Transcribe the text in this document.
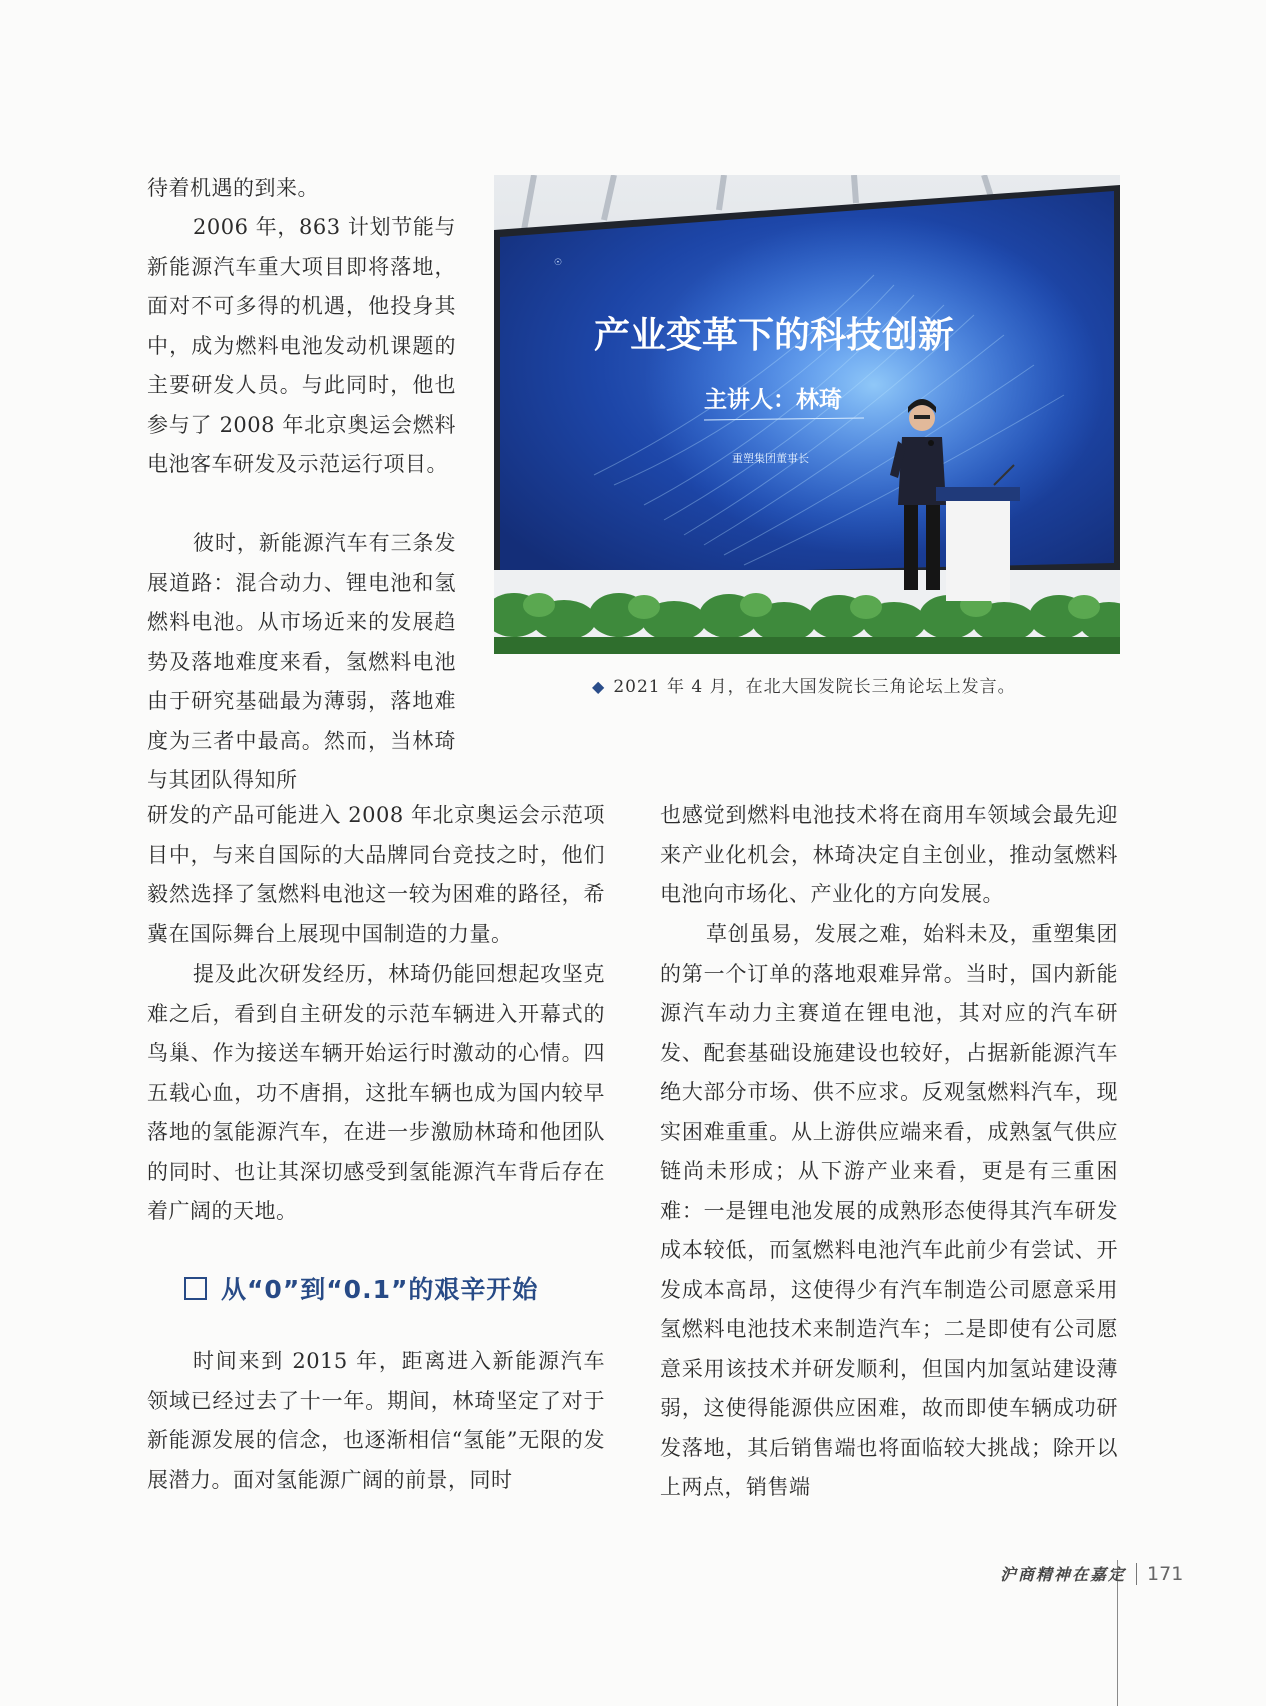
待着机遇的到来。

2006 年，863 计划节能与新能源汽车重大项目即将落地，面对不可多得的机遇，他投身其中，成为燃料电池发动机课题的主要研发人员。与此同时，他也参与了 2008 年北京奥运会燃料电池客车研发及示范运行项目。

彼时，新能源汽车有三条发展道路：混合动力、锂电池和氢燃料电池。从市场近来的发展趋势及落地难度来看，氢燃料电池由于研究基础最为薄弱，落地难度为三者中最高。然而，当林琦与其团队得知所

研发的产品可能进入 2008 年北京奥运会示范项目中，与来自国际的大品牌同台竞技之时，他们毅然选择了氢燃料电池这一较为困难的路径，希冀在国际舞台上展现中国制造的力量。

提及此次研发经历，林琦仍能回想起攻坚克难之后，看到自主研发的示范车辆进入开幕式的鸟巢、作为接送车辆开始运行时激动的心情。四五载心血，功不唐捐，这批车辆也成为国内较早落地的氢能源汽车，在进一步激励林琦和他团队的同时、也让其深切感受到氢能源汽车背后存在着广阔的天地。

从“0”到“0.1”的艰辛开始

时间来到 2015 年，距离进入新能源汽车领域已经过去了十一年。期间，林琦坚定了对于新能源发展的信念，也逐渐相信“氢能”无限的发展潜力。面对氢能源广阔的前景，同时

也感觉到燃料电池技术将在商用车领域会最先迎来产业化机会，林琦决定自主创业，推动氢燃料电池向市场化、产业化的方向发展。

草创虽易，发展之难，始料未及，重塑集团的第一个订单的落地艰难异常。当时，国内新能源汽车动力主赛道在锂电池，其对应的汽车研发、配套基础设施建设也较好，占据新能源汽车绝大部分市场、供不应求。反观氢燃料汽车，现实困难重重。从上游供应端来看，成熟氢气供应链尚未形成；从下游产业来看，更是有三重困难：一是锂电池发展的成熟形态使得其汽车研发成本较低，而氢燃料电池汽车此前少有尝试、开发成本高昂，这使得少有汽车制造公司愿意采用氢燃料电池技术来制造汽车；二是即使有公司愿意采用该技术并研发顺利，但国内加氢站建设薄弱，这使得能源供应困难，故而即使车辆成功研发落地，其后销售端也将面临较大挑战；除开以上两点，销售端

☉
产业变革下的科技创新
主讲人：林琦
重塑集团董事长
◆ 2021 年 4 月，在北大国发院长三角论坛上发言。
沪商精神在嘉定 171
